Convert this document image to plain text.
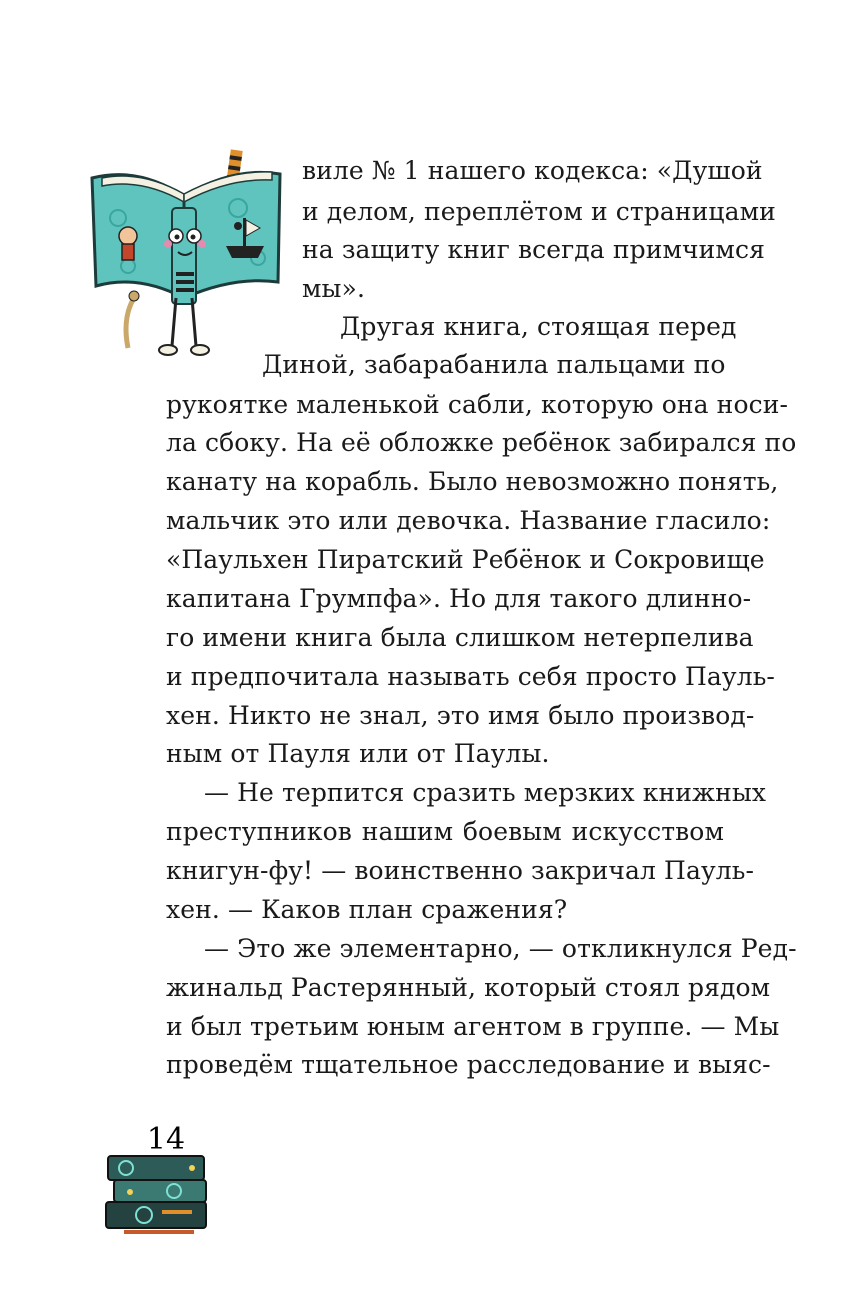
виле № 1 нашего кодекса: «Душой
и делом, переплётом и страницами
на защиту книг всегда примчимся
мы».
Другая книга, стоящая перед
Диной, забарабанила пальцами по
рукоятке маленькой сабли, которую она носи-
ла сбоку. На её обложке ребёнок забирался по
канату на корабль. Было невозможно понять,
мальчик это или девочка. Название гласило:
«Паульхен Пиратский Ребёнок и Сокровище
капитана Грумпфа». Но для такого длинно-
го имени книга была слишком нетерпелива
и предпочитала называть себя просто Пауль-
хен. Никто не знал, это имя было производ-
ным от Пауля или от Паулы.
— Не терпится сразить мерзких книжных
преступников нашим боевым искусством
книгун-фу! — воинственно закричал Пауль-
хен. — Каков план сражения?
— Это же элементарно, — откликнулся Ред-
жинальд Растерянный, который стоял рядом
и был третьим юным агентом в группе. — Мы
проведём тщательное расследование и выяс-
14
